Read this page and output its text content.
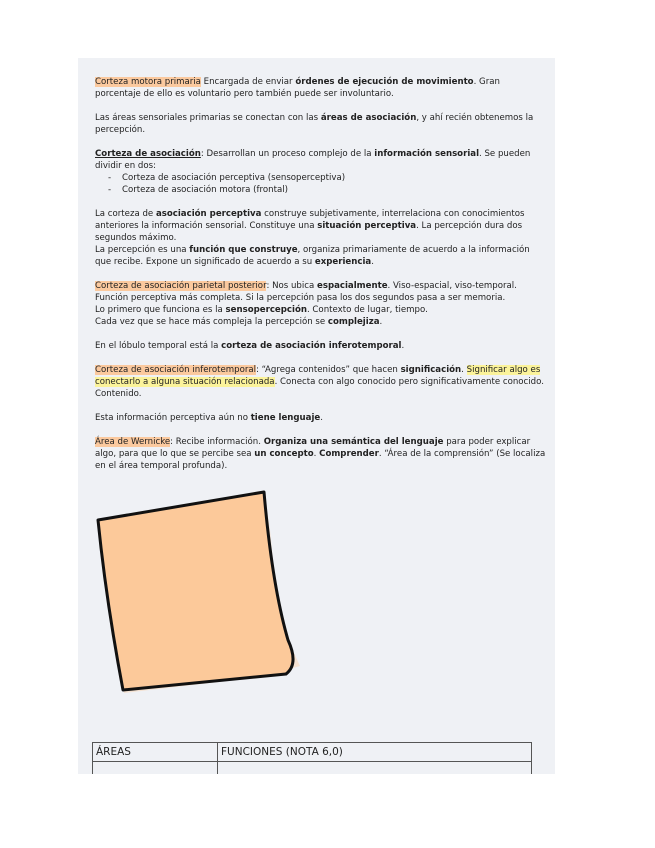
Corteza motora primaria Encargada de enviar órdenes de ejecución de movimiento. Gran porcentaje de ello es voluntario pero también puede ser involuntario.

Las áreas sensoriales primarias se conectan con las áreas de asociación, y ahí recién obtenemos la percepción.

Corteza de asociación: Desarrollan un proceso complejo de la información sensorial. Se pueden dividir en dos:
- Corteza de asociación perceptiva (sensoperceptiva)
- Corteza de asociación motora (frontal)

La corteza de asociación perceptiva construye subjetivamente, interrelaciona con conocimientos anteriores la información sensorial. Constituye una situación perceptiva. La percepción dura dos segundos máximo.
La percepción es una función que construye, organiza primariamente de acuerdo a la información que recibe. Expone un significado de acuerdo a su experiencia.

Corteza de asociación parietal posterior: Nos ubica espacialmente. Viso-espacial, viso-temporal.
Función perceptiva más completa. Si la percepción pasa los dos segundos pasa a ser memoria.
Lo primero que funciona es la sensopercepción. Contexto de lugar, tiempo.
Cada vez que se hace más compleja la percepción se complejiza.

En el lóbulo temporal está la corteza de asociación inferotemporal.

Corteza de asociación inferotemporal: “Agrega contenidos” que hacen significación. Significar algo es conectarlo a alguna situación relacionada. Conecta con algo conocido pero significativamente conocido. Contenido.

Esta información perceptiva aún no tiene lenguaje.

Área de Wernicke: Recibe información. Organiza una semántica del lenguaje para poder explicar algo, para que lo que se percibe sea un concepto. Comprender. “Área de la comprensión” (Se localiza en el área temporal profunda).

ÁREAS	FUNCIONES (NOTA 6,0)
